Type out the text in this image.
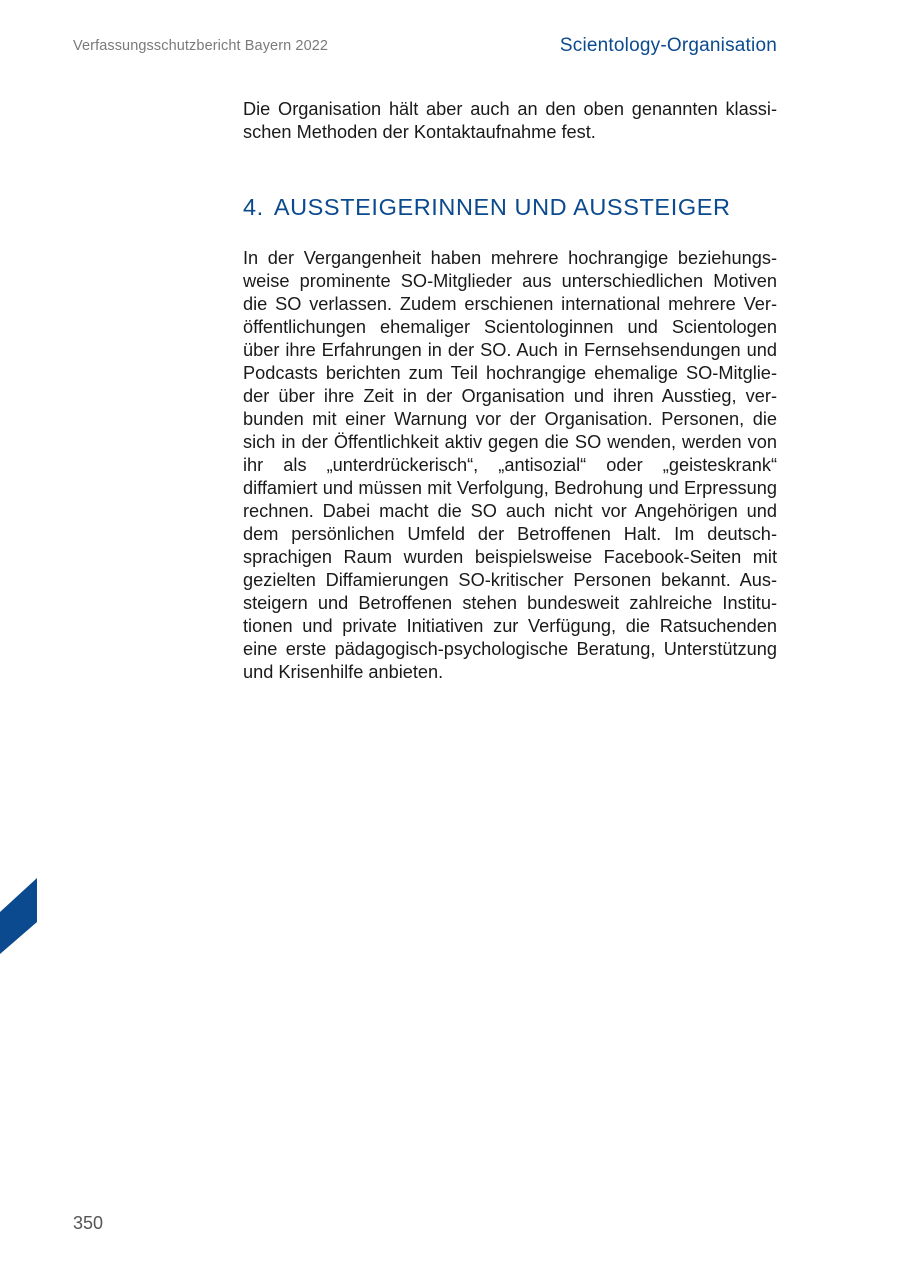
Verfassungsschutzbericht Bayern 2022	Scientology-Organisation

Die Organisation hält aber auch an den oben genannten klassischen Methoden der Kontaktaufnahme fest.

4. AUSSTEIGERINNEN UND AUSSTEIGER

In der Vergangenheit haben mehrere hochrangige beziehungsweise prominente SO-Mitglieder aus unterschiedlichen Motiven die SO verlassen. Zudem erschienen international mehrere Veröffentlichungen ehemaliger Scientologinnen und Scientologen über ihre Erfahrungen in der SO. Auch in Fernsehsendungen und Podcasts berichten zum Teil hochrangige ehemalige SO-Mitglieder über ihre Zeit in der Organisation und ihren Ausstieg, verbunden mit einer Warnung vor der Organisation. Personen, die sich in der Öffentlichkeit aktiv gegen die SO wenden, werden von ihr als „unterdrückerisch“, „antisozial“ oder „geisteskrank“ diffamiert und müssen mit Verfolgung, Bedrohung und Erpressung rechnen. Dabei macht die SO auch nicht vor Angehörigen und dem persönlichen Umfeld der Betroffenen Halt. Im deutschsprachigen Raum wurden beispielsweise Facebook-Seiten mit gezielten Diffamierungen SO-kritischer Personen bekannt. Aussteigern und Betroffenen stehen bundesweit zahlreiche Institutionen und private Initiativen zur Verfügung, die Ratsuchenden eine erste pädagogisch-psychologische Beratung, Unterstützung und Krisenhilfe anbieten.

350
